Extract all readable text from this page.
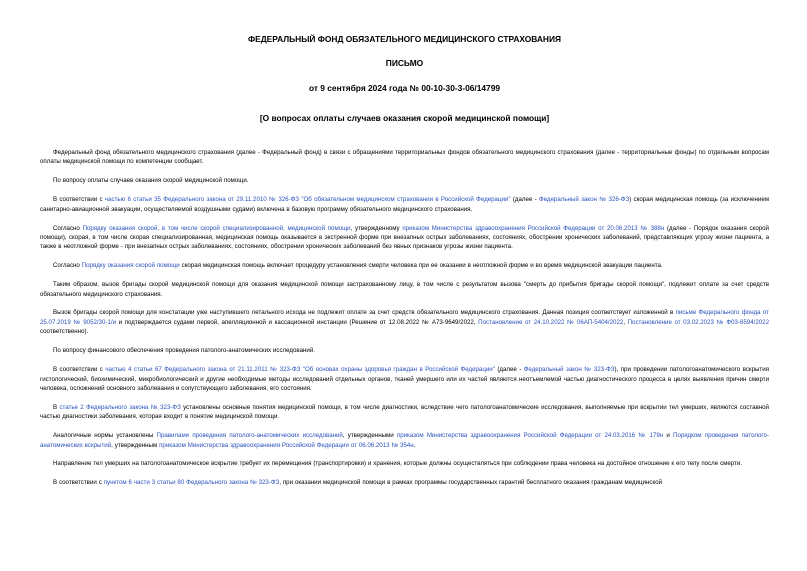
ФЕДЕРАЛЬНЫЙ ФОНД ОБЯЗАТЕЛЬНОГО МЕДИЦИНСКОГО СТРАХОВАНИЯ
ПИСЬМО
от 9 сентября 2024 года № 00-10-30-3-06/14799
[О вопросах оплаты случаев оказания скорой медицинской помощи]

Федеральный фонд обязательного медицинского страхования (далее - Федеральный фонд) в связи с обращениями территориальных фондов обязательного медицинского страхования (далее - территориальные фонды) по отдельным вопросам оплаты медицинской помощи по компетенции сообщает.

По вопросу оплаты случаев оказания скорой медицинской помощи.

В соответствии с частью 6 статьи 35 Федерального закона от 29.11.2010 № 326-ФЗ "Об обязательном медицинском страховании в Российской Федерации" (далее - Федеральный закон № 326-ФЗ) скорая медицинская помощь (за исключением санитарно-авиационной эвакуации, осуществляемой воздушными судами) включена в базовую программу обязательного медицинского страхования.

Согласно Порядку оказания скорой, в том числе скорой специализированной, медицинской помощи, утвержденному приказом Министерства здравоохранения Российской Федерации от 20.06.2013 № 388н (далее - Порядок оказания скорой помощи), скорая, в том числе скорая специализированная, медицинская помощь оказывается в экстренной форме при внезапных острых заболеваниях, состояниях, обострении хронических заболеваний, представляющих угрозу жизни пациента, а также в неотложной форме - при внезапных острых заболеваниях, состояниях, обострении хронических заболеваний без явных признаков угрозы жизни пациента.

Согласно Порядку оказания скорой помощи скорая медицинская помощь включает процедуру установления смерти человека при ее оказании в неотложной форме и во время медицинской эвакуации пациента.

Таким образом, вызов бригады скорой медицинской помощи для оказания медицинской помощи застрахованному лицу, в том числе с результатом вызова "смерть до прибытия бригады скорой помощи", подлежит оплате за счет средств обязательного медицинского страхования.

Вызов бригады скорой помощи для констатации уже наступившего летального исхода не подлежит оплате за счет средств обязательного медицинского страхования. Данная позиция соответствует изложенной в письме Федерального фонда от 25.07.2019 № 9052/30-1/и и подтверждается судами первой, апелляционной и кассационной инстанции (Решение от 12.08.2022 № А73-9649/2022, Постановление от 24.10.2022 № 06АП-5404/2022, Постановление от 03.02.2023 № Ф03-6594/2022 соответственно).

По вопросу финансового обеспечения проведения патолого-анатомических исследований.

В соответствии с частью 4 статьи 67 Федерального закона от 21.11.2011 № 323-ФЗ "Об основах охраны здоровья граждан в Российской Федерации" (далее - Федеральный закон № 323-ФЗ), при проведении патологоанатомического вскрытия гистологический, биохимический, микробиологический и другие необходимые методы исследований отдельных органов, тканей умершего или их частей являются неотъемлемой частью диагностического процесса в целях выявления причин смерти человека, осложнений основного заболевания и сопутствующего заболевания, его состояния.

В статье 2 Федерального закона № 323-ФЗ установлены основные понятия медицинской помощи, в том числе диагностики, вследствие чего патологоанатомические исследования, выполняемые при вскрытии тел умерших, являются составной частью диагностики заболевания, которая входит в понятие медицинской помощи.

Аналогичные нормы установлены Правилами проведения патолого-анатомических исследований, утвержденными приказом Министерства здравоохранения Российской Федерации от 24.03.2016 № 179н и Порядком проведения патолого-анатомических вскрытий, утвержденным приказом Министерства здравоохранения Российской Федерации от 06.06.2013 № 354н.

Направление тел умерших на патологоанатомическое вскрытие требует их перемещения (транспортировки) и хранения, которые должны осуществляться при соблюдении права человека на достойное отношение к его телу после смерти.

В соответствии с пунктом 6 части 3 статьи 80 Федерального закона № 323-ФЗ, при оказании медицинской помощи в рамках программы государственных гарантий бесплатного оказания гражданам медицинской
